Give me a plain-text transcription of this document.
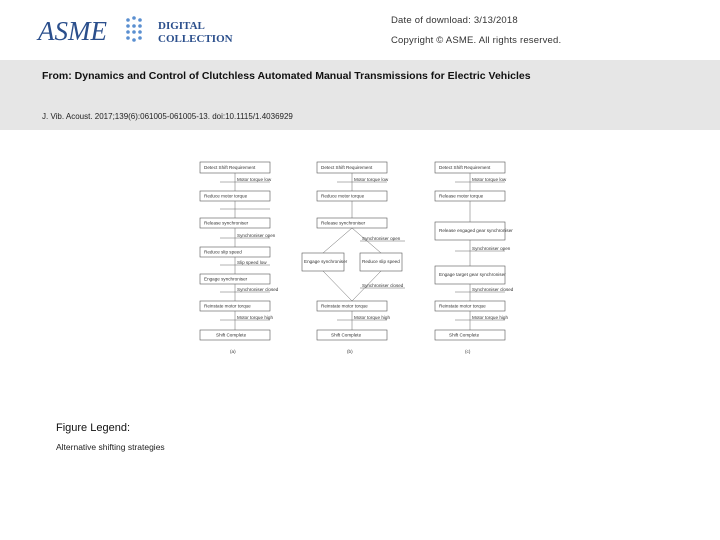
ASME	DIGITAL
COLLECTION
Date of download: 3/13/2018
Copyright © ASME. All rights reserved.
From: Dynamics and Control of Clutchless Automated Manual Transmissions for Electric Vehicles
J. Vib. Acoust. 2017;139(6):061005-061005-13. doi:10.1115/1.4036929
Detect Shift Requirement
Reduce motor torque
Release synchroniser
Reduce slip speed
Engage synchroniser
Reinstate motor torque
Shift Complete
Motor torque low
Synchroniser open
Slip speed low
Synchroniser closed
Motor torque high
(a)
Detect Shift Requirement
Reduce motor torque
Release synchroniser
Engage synchroniser	Reduce slip speed
Reinstate motor torque
Shift Complete
Motor torque low
Synchroniser open
Synchroniser closed
Motor torque high
(b)
Detect Shift Requirement
Release motor torque
Release engaged gear synchroniser
Engage target gear synchroniser
Reinstate motor torque
Shift Complete
Motor torque low
Synchroniser open
Synchroniser closed
Motor torque high
(c)
Figure Legend:
Alternative shifting strategies
